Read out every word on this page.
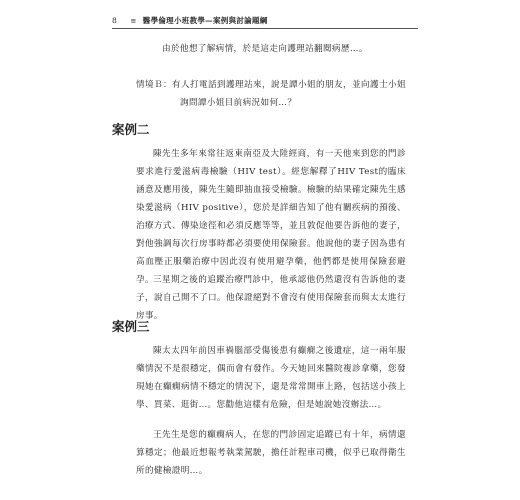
8 ≡ 醫學倫理小班教學—案例與討論題綱
由於他想了解病情，於是這走向護理站翻閱病歷…。
情境Ｂ：有人打電話到護理站來，說是譚小姐的朋友，並向護士小姐詢問譚小姐目前病況如何…？
案例二
陳先生多年來常往返東南亞及大陸經商，有一天他來到您的門診要求進行愛滋病毒檢驗（HIV test）。經您解釋了HIV Test的臨床涵意及應用後，陳先生隨即抽血接受檢驗。檢驗的結果確定陳先生感染愛滋病（HIV positive），您於是詳細告知了他有關疾病的預後、治療方式、傳染途徑和必須反應等等，並且敦促他要告訴他的妻子，對他強調每次行房事時都必須要使用保險套。他說他的妻子因為患有高血壓正服藥治療中因此沒有使用避孕藥，他們都是使用保險套避孕。 三星期之後的追蹤治療門診中，他承認他仍然還沒有告訴他的妻子，說自己開不了口。他保證絕對不會沒有使用保險套而與太太進行房事。
案例三
陳太太四年前因車禍腦部受傷後患有癲癇之後遺症，這一兩年服藥情況不是很穩定，偶而會有發作。今天她回來醫院複診拿藥，您發現她在癲癇病情不穩定的情況下，還是常常開車上路，包括送小孩上學、買菜、逛街…。您勸他這樣有危險，但是她說她沒辦法…。
王先生是您的癲癇病人，在您的門診固定追蹤已有十年，病情還算穩定；他最近想報考執業駕駛，擔任計程車司機，似乎已取得衛生所的健檢證明…。
